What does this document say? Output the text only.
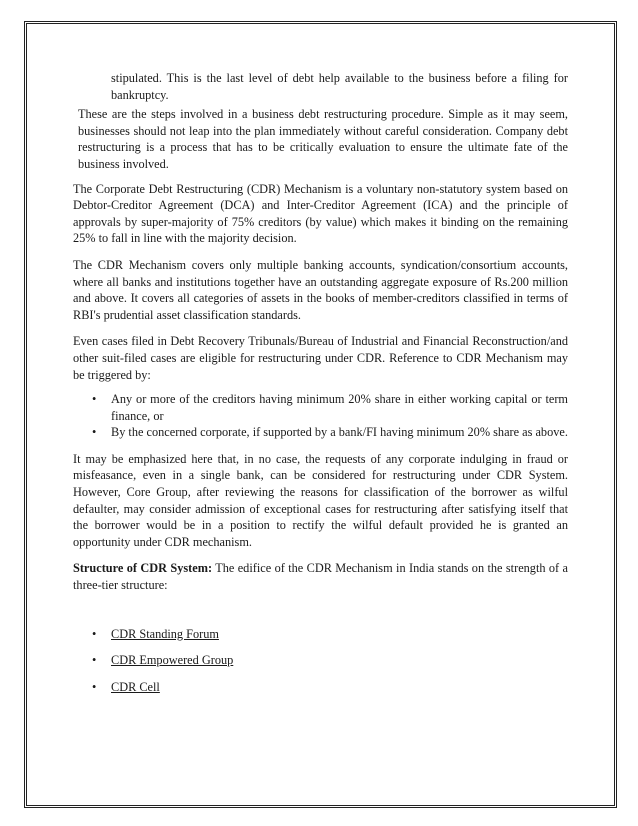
stipulated. This is the last level of debt help available to the business before a filing for bankruptcy.

These are the steps involved in a business debt restructuring procedure. Simple as it may seem, businesses should not leap into the plan immediately without careful consideration. Company debt restructuring is a process that has to be critically evaluation to ensure the ultimate fate of the business involved.

The Corporate Debt Restructuring (CDR) Mechanism is a voluntary non-statutory system based on Debtor-Creditor Agreement (DCA) and Inter-Creditor Agreement (ICA) and the principle of approvals by super-majority of 75% creditors (by value) which makes it binding on the remaining 25% to fall in line with the majority decision.

The CDR Mechanism covers only multiple banking accounts, syndication/consortium accounts, where all banks and institutions together have an outstanding aggregate exposure of Rs.200 million and above. It covers all categories of assets in the books of member-creditors classified in terms of RBI's prudential asset classification standards.

Even cases filed in Debt Recovery Tribunals/Bureau of Industrial and Financial Reconstruction/and other suit-filed cases are eligible for restructuring under CDR. Reference to CDR Mechanism may be triggered by:

• Any or more of the creditors having minimum 20% share in either working capital or term finance, or
• By the concerned corporate, if supported by a bank/FI having minimum 20% share as above.

It may be emphasized here that, in no case, the requests of any corporate indulging in fraud or misfeasance, even in a single bank, can be considered for restructuring under CDR System. However, Core Group, after reviewing the reasons for classification of the borrower as wilful defaulter, may consider admission of exceptional cases for restructuring after satisfying itself that the borrower would be in a position to rectify the wilful default provided he is granted an opportunity under CDR mechanism.

Structure of CDR System: The edifice of the CDR Mechanism in India stands on the strength of a three-tier structure:

• CDR Standing Forum
• CDR Empowered Group
• CDR Cell
